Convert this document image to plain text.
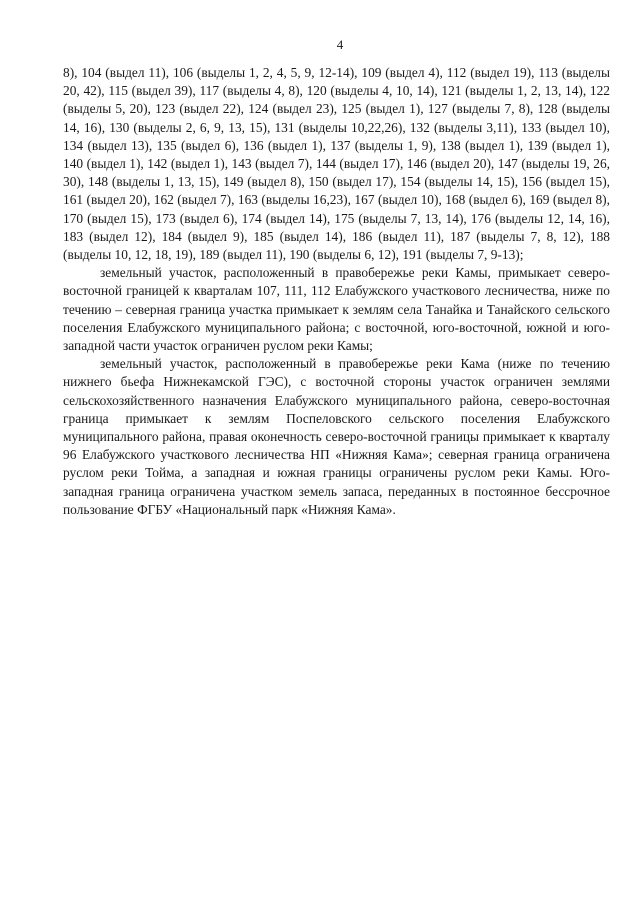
4

8), 104 (выдел 11), 106 (выделы 1, 2, 4, 5, 9, 12-14), 109 (выдел 4), 112 (выдел 19), 113 (выделы 20, 42), 115 (выдел 39), 117 (выделы 4, 8), 120 (выделы 4, 10, 14), 121 (выделы 1, 2, 13, 14), 122 (выделы 5, 20), 123 (выдел 22), 124 (выдел 23), 125 (выдел 1), 127 (выделы 7, 8), 128 (выделы 14, 16), 130 (выделы 2, 6, 9, 13, 15), 131 (выделы 10,22,26), 132 (выделы 3,11), 133 (выдел 10), 134 (выдел 13), 135 (выдел 6), 136 (выдел 1), 137 (выделы 1, 9), 138 (выдел 1), 139 (выдел 1), 140 (выдел 1), 142 (выдел 1), 143 (выдел 7), 144 (выдел 17), 146 (выдел 20), 147 (выделы 19, 26, 30), 148 (выделы 1, 13, 15), 149 (выдел 8), 150 (выдел 17), 154 (выделы 14, 15), 156 (выдел 15), 161 (выдел 20), 162 (выдел 7), 163 (выделы 16,23), 167 (выдел 10), 168 (выдел 6), 169 (выдел 8), 170 (выдел 15), 173 (выдел 6), 174 (выдел 14), 175 (выделы 7, 13, 14), 176 (выделы 12, 14, 16), 183 (выдел 12), 184 (выдел 9), 185 (выдел 14), 186 (выдел 11), 187 (выделы 7, 8, 12), 188 (выделы 10, 12, 18, 19), 189 (выдел 11), 190 (выделы 6, 12), 191 (выделы 7, 9-13);

земельный участок, расположенный в правобережье реки Камы, примыкает северо-восточной границей к кварталам 107, 111, 112 Елабужского участкового лесничества, ниже по течению – северная граница участка примыкает к землям села Танайка и Танайского сельского поселения Елабужского муниципального района; с восточной, юго-восточной, южной и юго-западной части участок ограничен руслом реки Камы;

земельный участок, расположенный в правобережье реки Кама (ниже по течению нижнего бьефа Нижнекамской ГЭС), с восточной стороны участок ограничен землями сельскохозяйственного назначения Елабужского муниципального района, северо-восточная граница примыкает к землям Поспеловского сельского поселения Елабужского муниципального района, правая оконечность северо-восточной границы примыкает к кварталу 96 Елабужского участкового лесничества НП «Нижняя Кама»; северная граница ограничена руслом реки Тойма, а западная и южная границы ограничены руслом реки Камы. Юго-западная граница ограничена участком земель запаса, переданных в постоянное бессрочное пользование ФГБУ «Национальный парк «Нижняя Кама».
